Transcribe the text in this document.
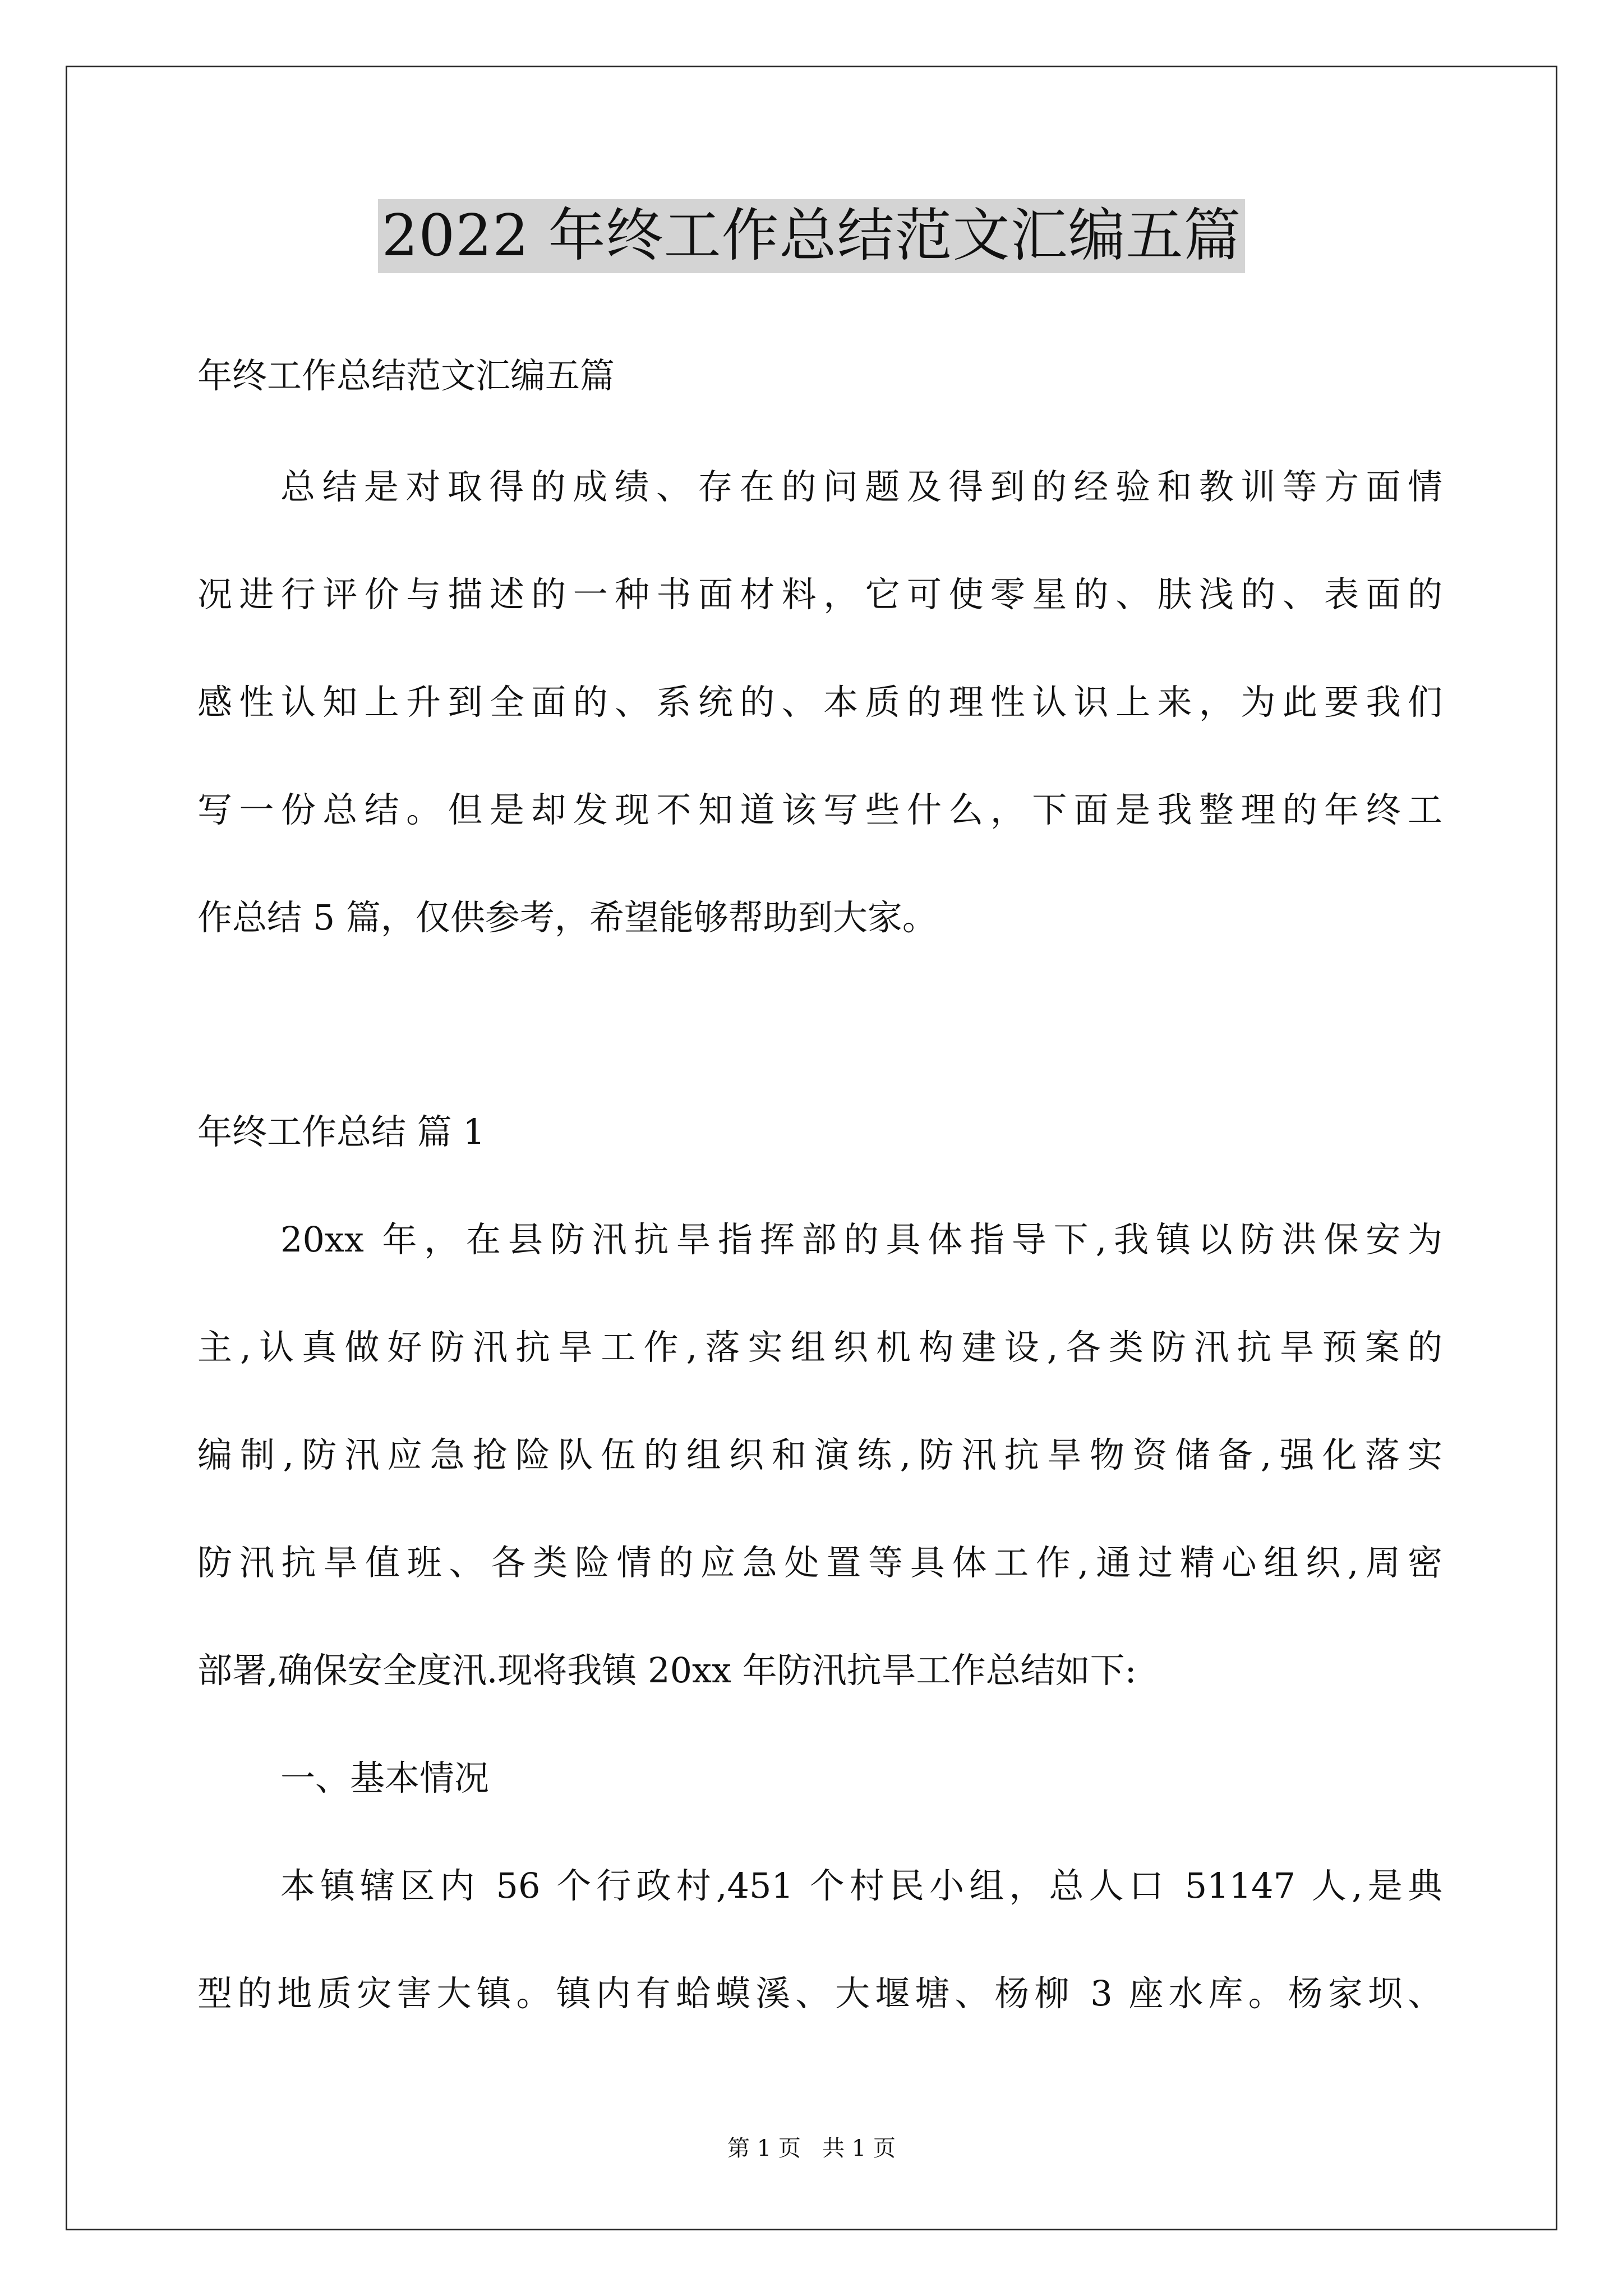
2022 年终工作总结范文汇编五篇
年终工作总结范文汇编五篇
总结是对取得的成绩、存在的问题及得到的经验和教训等方面情
况进行评价与描述的一种书面材料，它可使零星的、肤浅的、表面的
感性认知上升到全面的、系统的、本质的理性认识上来，为此要我们
写一份总结。但是却发现不知道该写些什么，下面是我整理的年终工
作总结 5 篇，仅供参考，希望能够帮助到大家。
年终工作总结 篇 1
20xx 年，在县防汛抗旱指挥部的具体指导下,我镇以防洪保安为
主,认真做好防汛抗旱工作,落实组织机构建设,各类防汛抗旱预案的
编制,防汛应急抢险队伍的组织和演练,防汛抗旱物资储备,强化落实
防汛抗旱值班、各类险情的应急处置等具体工作,通过精心组织,周密
部署,确保安全度汛.现将我镇 20xx 年防汛抗旱工作总结如下:
一、基本情况
本镇辖区内 56 个行政村,451 个村民小组，总人口 51147 人,是典
型的地质灾害大镇。镇内有蛤蟆溪、大堰塘、杨柳 3 座水库。杨家坝、
第 1 页   共 1 页
